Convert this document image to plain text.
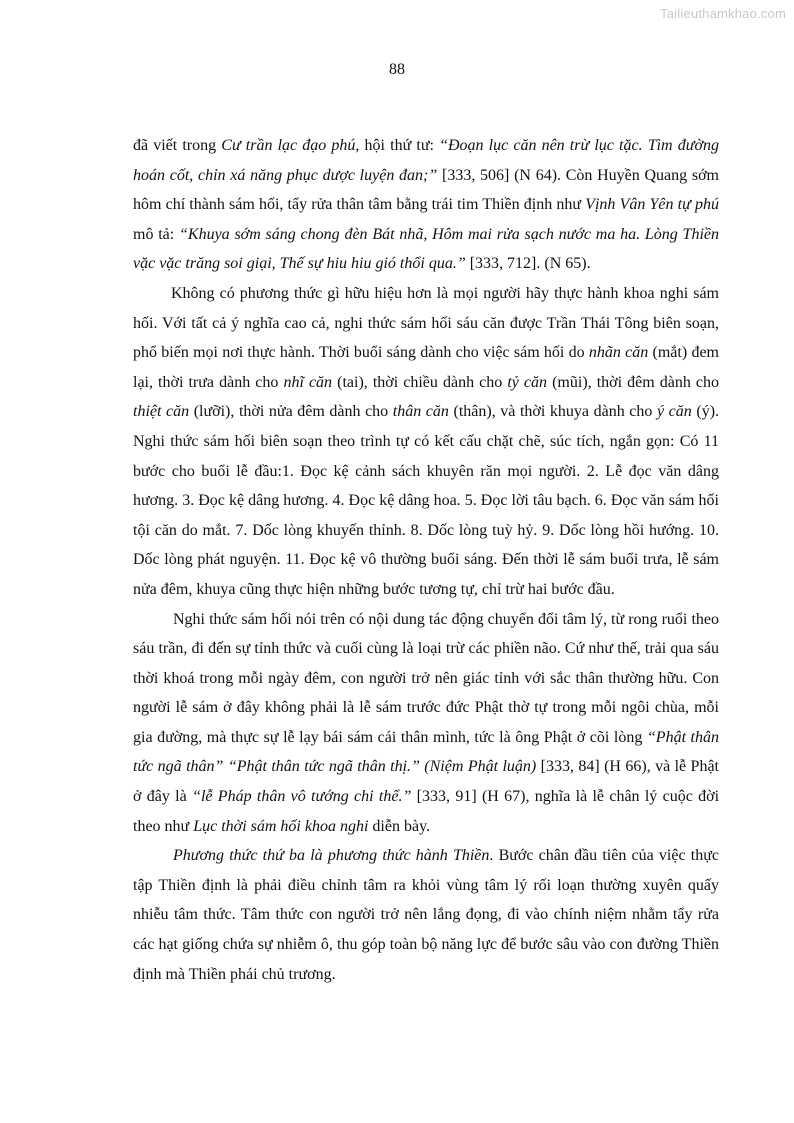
Tailieuthamkhao.com
88

đã viết trong Cư trần lạc đạo phú, hội thứ tư: “Đoạn lục căn nên trừ lục tặc. Tìm đường hoán cốt, chỉn xá năng phục dược luyện đan;” [333, 506] (N 64). Còn Huyền Quang sớm hôm chí thành sám hối, tẩy rửa thân tâm bằng trái tim Thiền định như Vịnh Vân Yên tự phú mô tả: “Khuya sớm sáng chong đèn Bát nhã, Hôm mai rửa sạch nước ma ha. Lòng Thiền vặc vặc trăng soi giại, Thế sự hiu hiu gió thổi qua.” [333, 712]. (N 65).

Không có phương thức gì hữu hiệu hơn là mọi người hãy thực hành khoa nghi sám hối. Với tất cả ý nghĩa cao cả, nghi thức sám hối sáu căn được Trần Thái Tông biên soạn, phổ biến mọi nơi thực hành. Thời buổi sáng dành cho việc sám hối do nhãn căn (mắt) đem lại, thời trưa dành cho nhĩ căn (tai), thời chiều dành cho tỷ căn (mũi), thời đêm dành cho thiệt căn (lưỡi), thời nửa đêm dành cho thân căn (thân), và thời khuya dành cho ý căn (ý). Nghi thức sám hối biên soạn theo trình tự có kết cấu chặt chẽ, súc tích, ngắn gọn: Có 11 bước cho buổi lễ đầu:1. Đọc kệ cảnh sách khuyên răn mọi người. 2. Lễ đọc văn dâng hương. 3. Đọc kệ dâng hương. 4. Đọc kệ dâng hoa. 5. Đọc lời tâu bạch. 6. Đọc văn sám hối tội căn do mắt. 7. Dốc lòng khuyến thỉnh. 8. Dốc lòng tuỳ hỷ. 9. Dốc lòng hồi hướng. 10. Dốc lòng phát nguyện. 11. Đọc kệ vô thường buổi sáng. Đến thời lễ sám buổi trưa, lễ sám nửa đêm, khuya cũng thực hiện những bước tương tự, chỉ trừ hai bước đầu.

Nghi thức sám hối nói trên có nội dung tác động chuyển đổi tâm lý, từ rong ruổi theo sáu trần, đi đến sự tỉnh thức và cuối cùng là loại trừ các phiền não. Cứ như thế, trải qua sáu thời khoá trong mỗi ngày đêm, con người trở nên giác tỉnh với sắc thân thường hữu. Con người lễ sám ở đây không phải là lễ sám trước đức Phật thờ tự trong mỗi ngôi chùa, mỗi gia đường, mà thực sự lễ lạy bái sám cái thân mình, tức là ông Phật ở cõi lòng “Phật thân tức ngã thân” “Phật thân tức ngã thân thị.” (Niệm Phật luận) [333, 84] (H 66), và lễ Phật ở đây là “lễ Pháp thân vô tướng chi thể.” [333, 91] (H 67), nghĩa là lễ chân lý cuộc đời theo như Lục thời sám hối khoa nghi diễn bày.

Phương thức thứ ba là phương thức hành Thiền. Bước chân đầu tiên của việc thực tập Thiền định là phải điều chỉnh tâm ra khỏi vùng tâm lý rối loạn thường xuyên quấy nhiễu tâm thức. Tâm thức con người trở nên lắng đọng, đi vào chính niệm nhằm tẩy rửa các hạt giống chứa sự nhiễm ô, thu góp toàn bộ năng lực để bước sâu vào con đường Thiền định mà Thiền phái chủ trương.
